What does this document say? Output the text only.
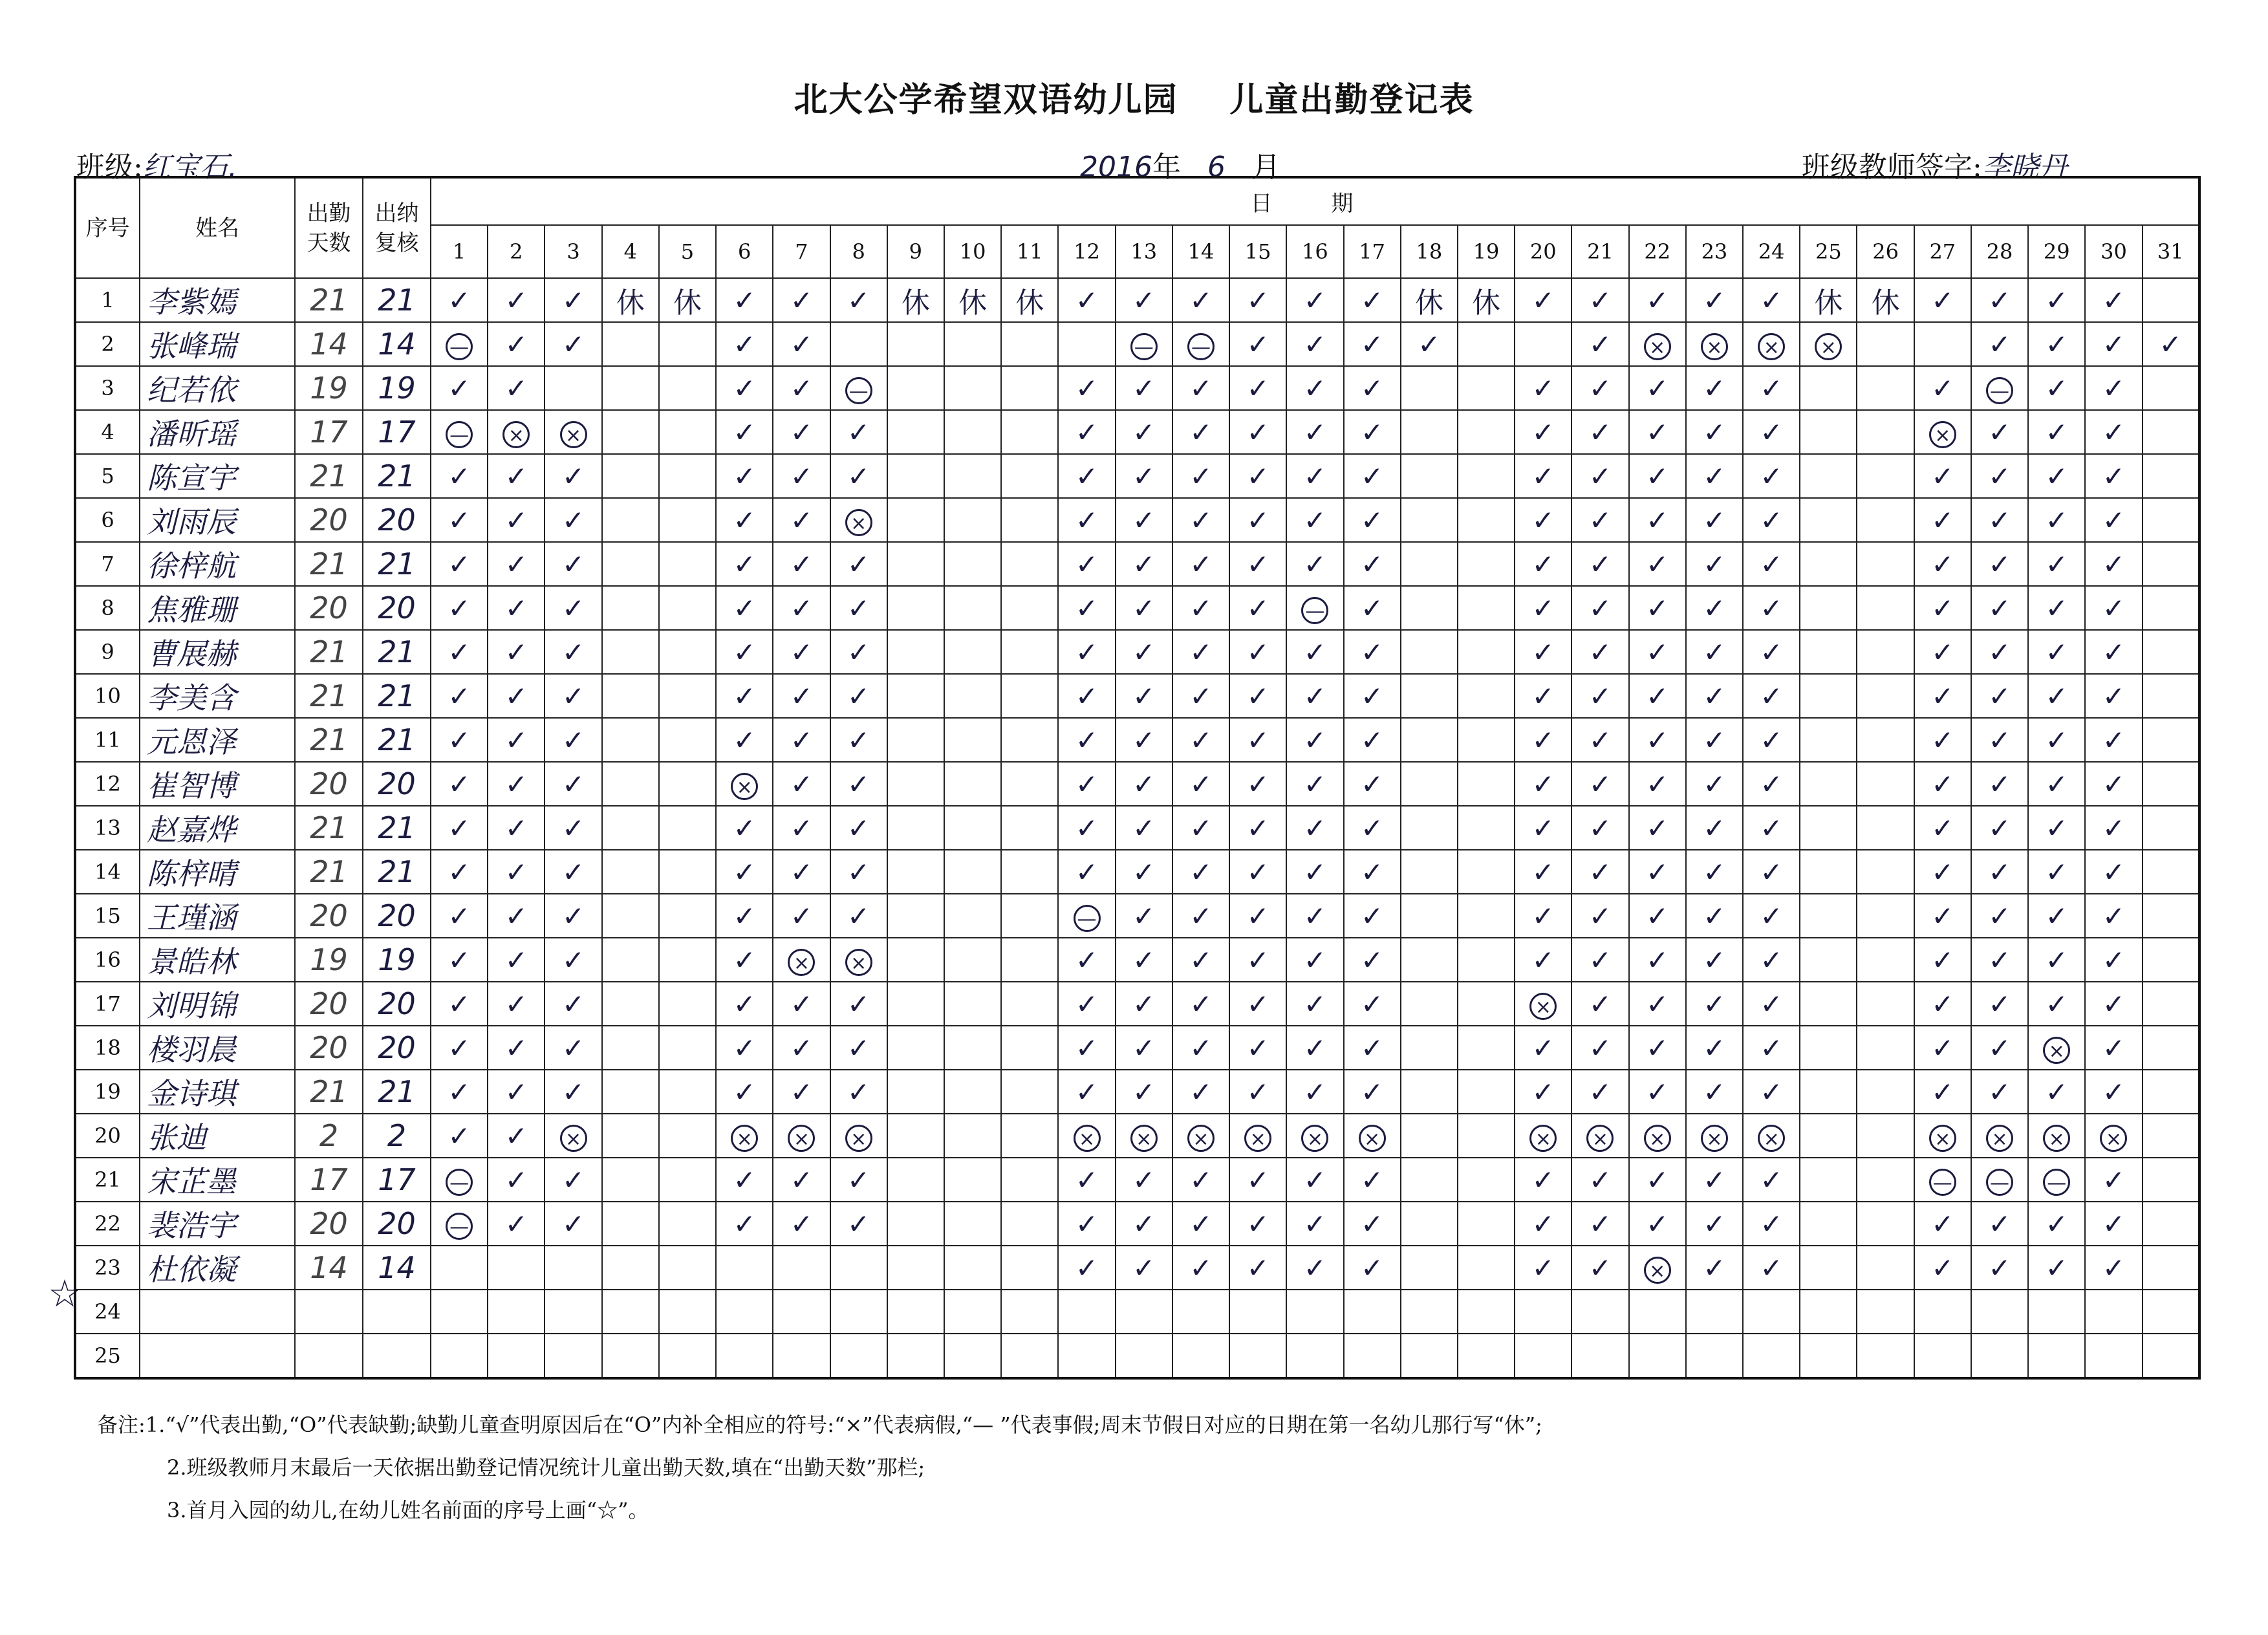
北大公学希望双语幼儿园 儿童出勤登记表
班级:红宝石.	2016年 6 月	班级教师签字:李晓丹
☆
序号	姓名	出勤天数	出纳复核	日 期																														
				1	2	3	4	5	6	7	8	9	10	11	12	13	14	15	16	17	18	19	20	21	22	23	24	25	26	27	28	29	30	31
1	李紫嫣	21	21	✓	✓	✓	休	休	✓	✓	✓	休	休	休	✓	✓	✓	✓	✓	✓	休	休	✓	✓	✓	✓	✓	休	休	✓	✓	✓	✓	
2	张峰瑞	14	14	—	✓	✓			✓	✓						—	—	✓	✓	✓	✓			✓	×	×	×	×			✓	✓	✓	✓
3	纪若依	19	19	✓	✓				✓	✓	—				✓	✓	✓	✓	✓	✓			✓	✓	✓	✓	✓			✓	—	✓	✓	
4	潘昕瑶	17	17	—	×	×			✓	✓	✓				✓	✓	✓	✓	✓	✓			✓	✓	✓	✓	✓			×	✓	✓	✓	
5	陈宣宇	21	21	✓	✓	✓			✓	✓	✓				✓	✓	✓	✓	✓	✓			✓	✓	✓	✓	✓			✓	✓	✓	✓	
6	刘雨辰	20	20	✓	✓	✓			✓	✓	×				✓	✓	✓	✓	✓	✓			✓	✓	✓	✓	✓			✓	✓	✓	✓	
7	徐梓航	21	21	✓	✓	✓			✓	✓	✓				✓	✓	✓	✓	✓	✓			✓	✓	✓	✓	✓			✓	✓	✓	✓	
8	焦雅珊	20	20	✓	✓	✓			✓	✓	✓				✓	✓	✓	✓	—	✓			✓	✓	✓	✓	✓			✓	✓	✓	✓	
9	曹展赫	21	21	✓	✓	✓			✓	✓	✓				✓	✓	✓	✓	✓	✓			✓	✓	✓	✓	✓			✓	✓	✓	✓	
10	李美含	21	21	✓	✓	✓			✓	✓	✓				✓	✓	✓	✓	✓	✓			✓	✓	✓	✓	✓			✓	✓	✓	✓	
11	元恩泽	21	21	✓	✓	✓			✓	✓	✓				✓	✓	✓	✓	✓	✓			✓	✓	✓	✓	✓			✓	✓	✓	✓	
12	崔智博	20	20	✓	✓	✓			×	✓	✓				✓	✓	✓	✓	✓	✓			✓	✓	✓	✓	✓			✓	✓	✓	✓	
13	赵嘉烨	21	21	✓	✓	✓			✓	✓	✓				✓	✓	✓	✓	✓	✓			✓	✓	✓	✓	✓			✓	✓	✓	✓	
14	陈梓晴	21	21	✓	✓	✓			✓	✓	✓				✓	✓	✓	✓	✓	✓			✓	✓	✓	✓	✓			✓	✓	✓	✓	
15	王瑾涵	20	20	✓	✓	✓			✓	✓	✓				—	✓	✓	✓	✓	✓			✓	✓	✓	✓	✓			✓	✓	✓	✓	
16	景皓林	19	19	✓	✓	✓			✓	×	×				✓	✓	✓	✓	✓	✓			✓	✓	✓	✓	✓			✓	✓	✓	✓	
17	刘明锦	20	20	✓	✓	✓			✓	✓	✓				✓	✓	✓	✓	✓	✓			×	✓	✓	✓	✓			✓	✓	✓	✓	
18	楼羽晨	20	20	✓	✓	✓			✓	✓	✓				✓	✓	✓	✓	✓	✓			✓	✓	✓	✓	✓			✓	✓	×	✓	
19	金诗琪	21	21	✓	✓	✓			✓	✓	✓				✓	✓	✓	✓	✓	✓			✓	✓	✓	✓	✓			✓	✓	✓	✓	
20	张迪	2	2	✓	✓	×			×	×	×				×	×	×	×	×	×			×	×	×	×	×			×	×	×	×	
21	宋芷墨	17	17	—	✓	✓			✓	✓	✓				✓	✓	✓	✓	✓	✓			✓	✓	✓	✓	✓			—	—	—	✓	
22	裴浩宇	20	20	—	✓	✓			✓	✓	✓				✓	✓	✓	✓	✓	✓			✓	✓	✓	✓	✓			✓	✓	✓	✓	
23	杜依凝	14	14												✓	✓	✓	✓	✓	✓			✓	✓	×	✓	✓			✓	✓	✓	✓	
24																																		
25																																		
备注:1.“√”代表出勤,“O”代表缺勤;缺勤儿童查明原因后在“O”内补全相应的符号:“×”代表病假,“— ”代表事假;周末节假日对应的日期在第一名幼儿那行写“休”;
2.班级教师月末最后一天依据出勤登记情况统计儿童出勤天数,填在“出勤天数”那栏;
3.首月入园的幼儿,在幼儿姓名前面的序号上画“☆”。
